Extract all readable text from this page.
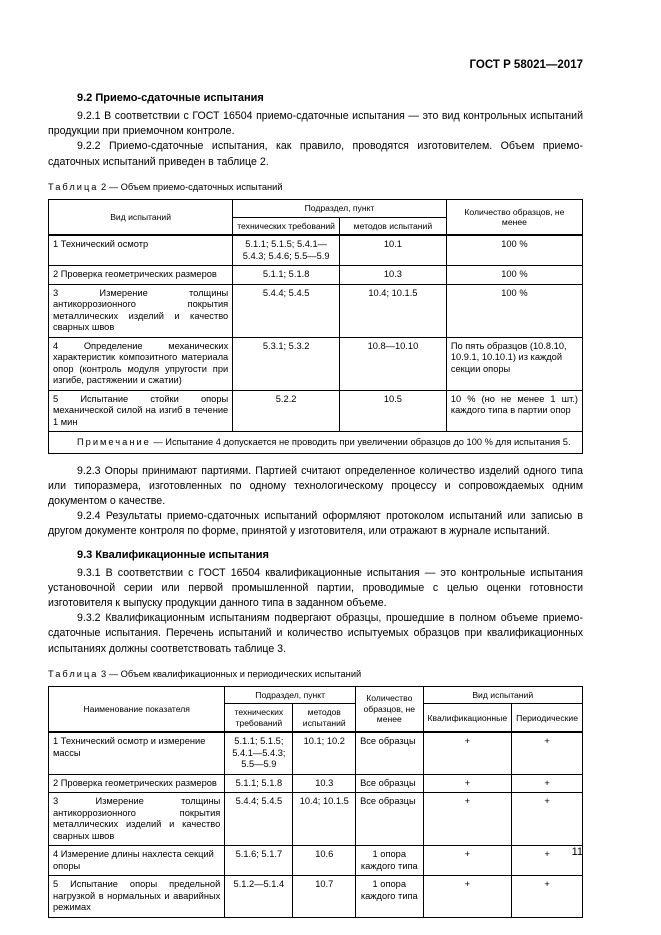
ГОСТ Р 58021—2017
9.2 Приемо-сдаточные испытания

9.2.1 В соответствии с ГОСТ 16504 приемо-сдаточные испытания — это вид контрольных испытаний продукции при приемочном контроле.

9.2.2 Приемо-сдаточные испытания, как правило, проводятся изготовителем. Объем приемо-сдаточных испытаний приведен в таблице 2.

Таблица 2 — Объем приемо-сдаточных испытаний
Вид испытаний	Подраздел, пункт		Количество образцов, не менее
	технических требований	методов испытаний	
1 Технический осмотр	5.1.1; 5.1.5; 5.4.1— 5.4.3; 5.4.6; 5.5—5.9	10.1	100 %
2 Проверка геометрических размеров	5.1.1; 5.1.8	10.3	100 %
3 Измерение толщины антикоррозионного покрытия металлических изделий и качество сварных швов	5.4.4; 5.4.5	10.4; 10.1.5	100 %
4 Определение механических характеристик композитного материала опор (контроль модуля упругости при изгибе, растяжении и сжатии)	5.3.1; 5.3.2	10.8—10.10	По пять образцов (10.8.10, 10.9.1, 10.10.1) из каждой секции опоры
5 Испытание стойки опоры механической силой на изгиб в течение 1 мин	5.2.2	10.5	10 % (но не менее 1 шт.) каждого типа в партии опор
Примечание — Испытание 4 допускается не проводить при увеличении образцов до 100 % для испытания 5.			

9.2.3 Опоры принимают партиями. Партией считают определенное количество изделий одного типа или типоразмера, изготовленных по одному технологическому процессу и сопровождаемых одним документом о качестве.

9.2.4 Результаты приемо-сдаточных испытаний оформляют протоколом испытаний или записью в другом документе контроля по форме, принятой у изготовителя, или отражают в журнале испытаний.

9.3 Квалификационные испытания

9.3.1 В соответствии с ГОСТ 16504 квалификационные испытания — это контрольные испытания установочной серии или первой промышленной партии, проводимые с целью оценки готовности изготовителя к выпуску продукции данного типа в заданном объеме.

9.3.2 Квалификационным испытаниям подвергают образцы, прошедшие в полном объеме приемо-сдаточные испытания. Перечень испытаний и количество испытуемых образцов при квалификационных испытаниях должны соответствовать таблице 3.

Таблица 3 — Объем квалификационных и периодических испытаний
Наименование показателя	Подраздел, пункт		Количество образцов, не менее	Вид испытаний	
	технических требований	методов испытаний		Квалификационные	Периодические
1 Технический осмотр и измерение массы	5.1.1; 5.1.5; 5.4.1—5.4.3; 5.5—5.9	10.1; 10.2	Все образцы	+	+
2 Проверка геометрических размеров	5.1.1; 5.1.8	10.3	Все образцы	+	+
3 Измерение толщины антикоррозионного покрытия металлических изделий и качество сварных швов	5.4.4; 5.4.5	10.4; 10.1.5	Все образцы	+	+
4 Измерение длины нахлеста секций опоры	5.1.6; 5.1.7	10.6	1 опора каждого типа	+	+
5 Испытание опоры предельной нагрузкой в нормальных и аварийных режимах	5.1.2—5.1.4	10.7	1 опора каждого типа	+	+
11
